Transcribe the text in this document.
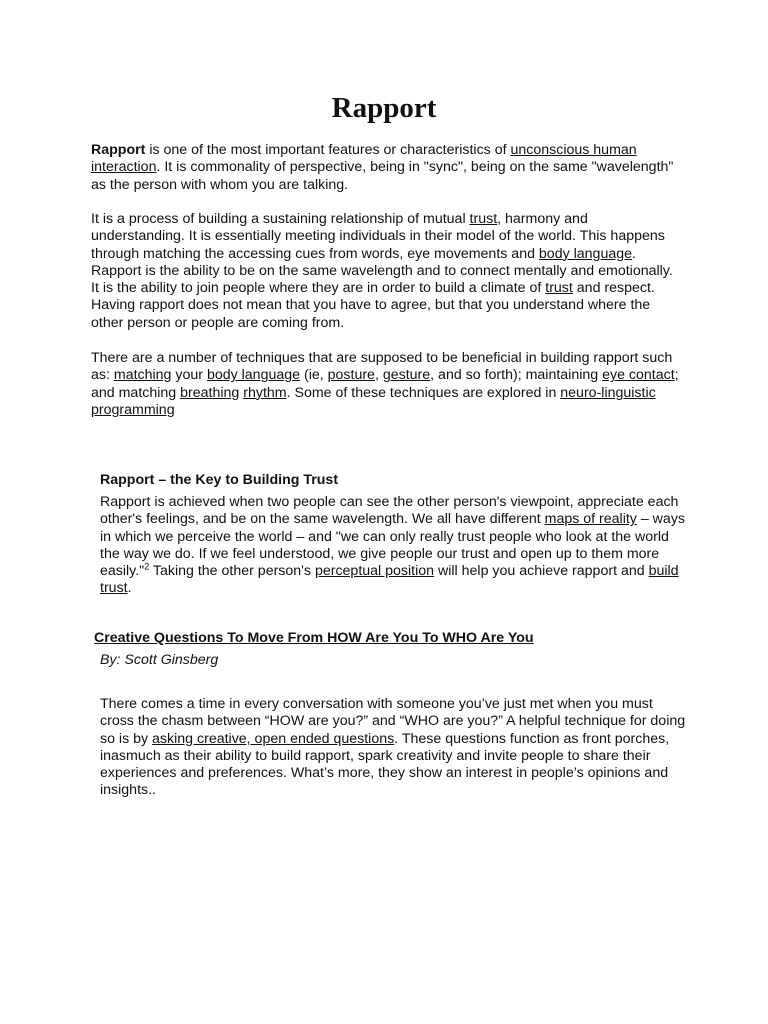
Rapport

Rapport is one of the most important features or characteristics of unconscious human interaction. It is commonality of perspective, being in "sync", being on the same "wavelength" as the person with whom you are talking.

It is a process of building a sustaining relationship of mutual trust, harmony and understanding. It is essentially meeting individuals in their model of the world. This happens through matching the accessing cues from words, eye movements and body language. Rapport is the ability to be on the same wavelength and to connect mentally and emotionally. It is the ability to join people where they are in order to build a climate of trust and respect. Having rapport does not mean that you have to agree, but that you understand where the other person or people are coming from.

There are a number of techniques that are supposed to be beneficial in building rapport such as: matching your body language (ie, posture, gesture, and so forth); maintaining eye contact; and matching breathing rhythm. Some of these techniques are explored in neuro-linguistic programming

Rapport – the Key to Building Trust

Rapport is achieved when two people can see the other person's viewpoint, appreciate each other's feelings, and be on the same wavelength. We all have different maps of reality – ways in which we perceive the world – and "we can only really trust people who look at the world the way we do. If we feel understood, we give people our trust and open up to them more easily."$^2$ Taking the other person's perceptual position will help you achieve rapport and build trust.

Creative Questions To Move From HOW Are You To WHO Are You
By: Scott Ginsberg

There comes a time in every conversation with someone you’ve just met when you must cross the chasm between “HOW are you?” and “WHO are you?” A helpful technique for doing so is by asking creative, open ended questions. These questions function as front porches, inasmuch as their ability to build rapport, spark creativity and invite people to share their experiences and preferences. What’s more, they show an interest in people’s opinions and insights..
